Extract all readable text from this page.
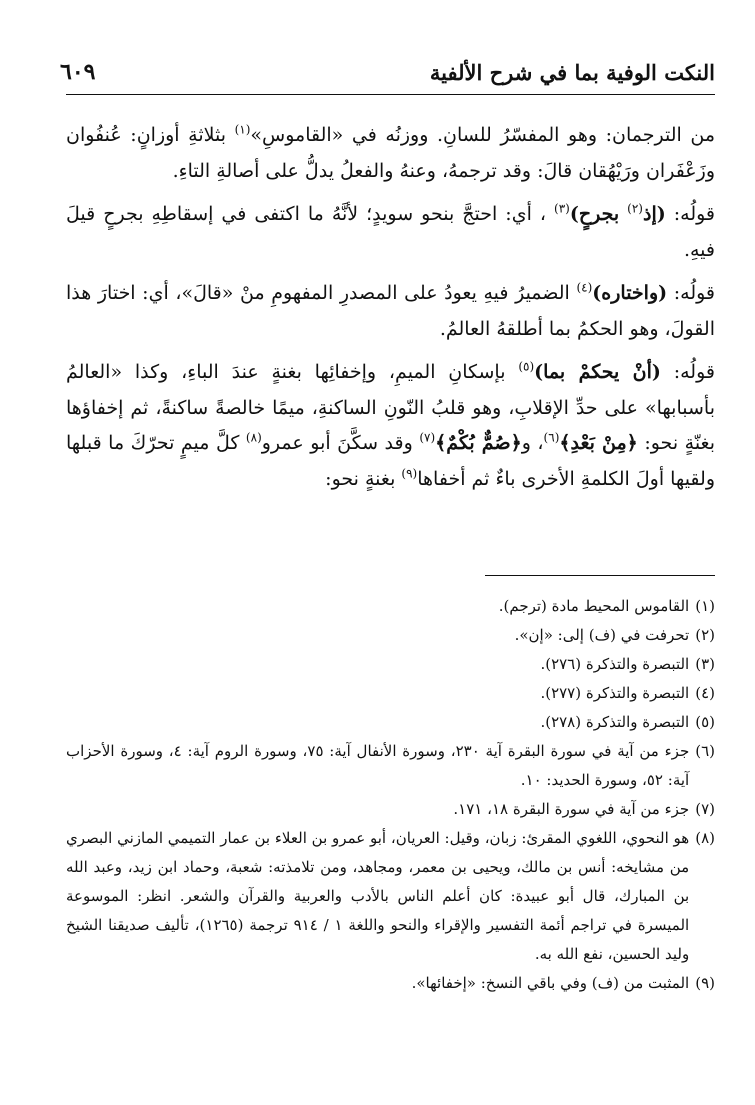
النكت الوفية بما في شرح الألفية
٦٠٩

من الترجمان: وهو المفسّرُ للسانِ. ووزنُه في «القاموسِ»$^{(١)}$ بثلاثةِ أوزانٍ: عُنفُوان وزَعْفَران ورَيْهُقان قالَ: وقد ترجمهُ، وعنهُ والفعلُ يدلُّ على أصالةِ التاءِ.

قولُه: (إذ$^{(٢)}$ بجرحٍ)$^{(٣)}$ ، أي: احتجَّ بنحو سويدٍ؛ لأنَّهُ ما اكتفى في إسقاطِهِ بجرحٍ قيلَ فيهِ.

قولُه: (واختاره)$^{(٤)}$ الضميرُ فيهِ يعودُ على المصدرِ المفهومِ منْ «قالَ»، أي: اختارَ هذا القولَ، وهو الحكمُ بما أطلقهُ العالمُ.

قولُه: (أنْ يحكمْ بما)$^{(٥)}$ بإسكانِ الميمِ، وإخفائِها بغنةٍ عندَ الباءِ، وكذا «العالمُ بأسبابها» على حدِّ الإقلابِ، وهو قلبُ النّونِ الساكنةِ، ميمًا خالصةً ساكنةً، ثم إخفاؤها بغنّةٍ نحو: ﴿مِنْ بَعْدِ﴾$^{(٦)}$، و﴿صُمٌّ بُكْمٌ﴾$^{(٧)}$ وقد سكَّنَ أبو عمرو$^{(٨)}$ كلَّ ميمٍ تحرّكَ ما قبلها ولقيها أولَ الكلمةِ الأخرى باءٌ ثم أخفاها$^{(٩)}$ بغنةٍ نحو:

(١)
القاموس المحيط مادة (ترجم).
(٢)
تحرفت في (ف) إلى: «إن».
(٣)
التبصرة والتذكرة (٢٧٦).
(٤)
التبصرة والتذكرة (٢٧٧).
(٥)
التبصرة والتذكرة (٢٧٨).
(٦)
جزء من آية في سورة البقرة آية ٢٣٠، وسورة الأنفال آية: ٧٥، وسورة الروم آية: ٤، وسورة الأحزاب آية: ٥٢، وسورة الحديد: ١٠.
(٧)
جزء من آية في سورة البقرة ١٨، ١٧١.
(٨)
هو النحوي، اللغوي المقرئ: زبان، وقيل: العريان، أبو عمرو بن العلاء بن عمار التميمي المازني البصري من مشايخه: أنس بن مالك، ويحيى بن معمر، ومجاهد، ومن تلامذته: شعبة، وحماد ابن زيد، وعبد الله بن المبارك، قال أبو عبيدة: كان أعلم الناس بالأدب والعربية والقرآن والشعر. انظر: الموسوعة الميسرة في تراجم أئمة التفسير والإقراء والنحو واللغة ١ / ٩١٤ ترجمة (١٢٦٥)، تأليف صديقنا الشيخ وليد الحسين، نفع الله به.
(٩)
المثبت من (ف) وفي باقي النسخ: «إخفائها».
